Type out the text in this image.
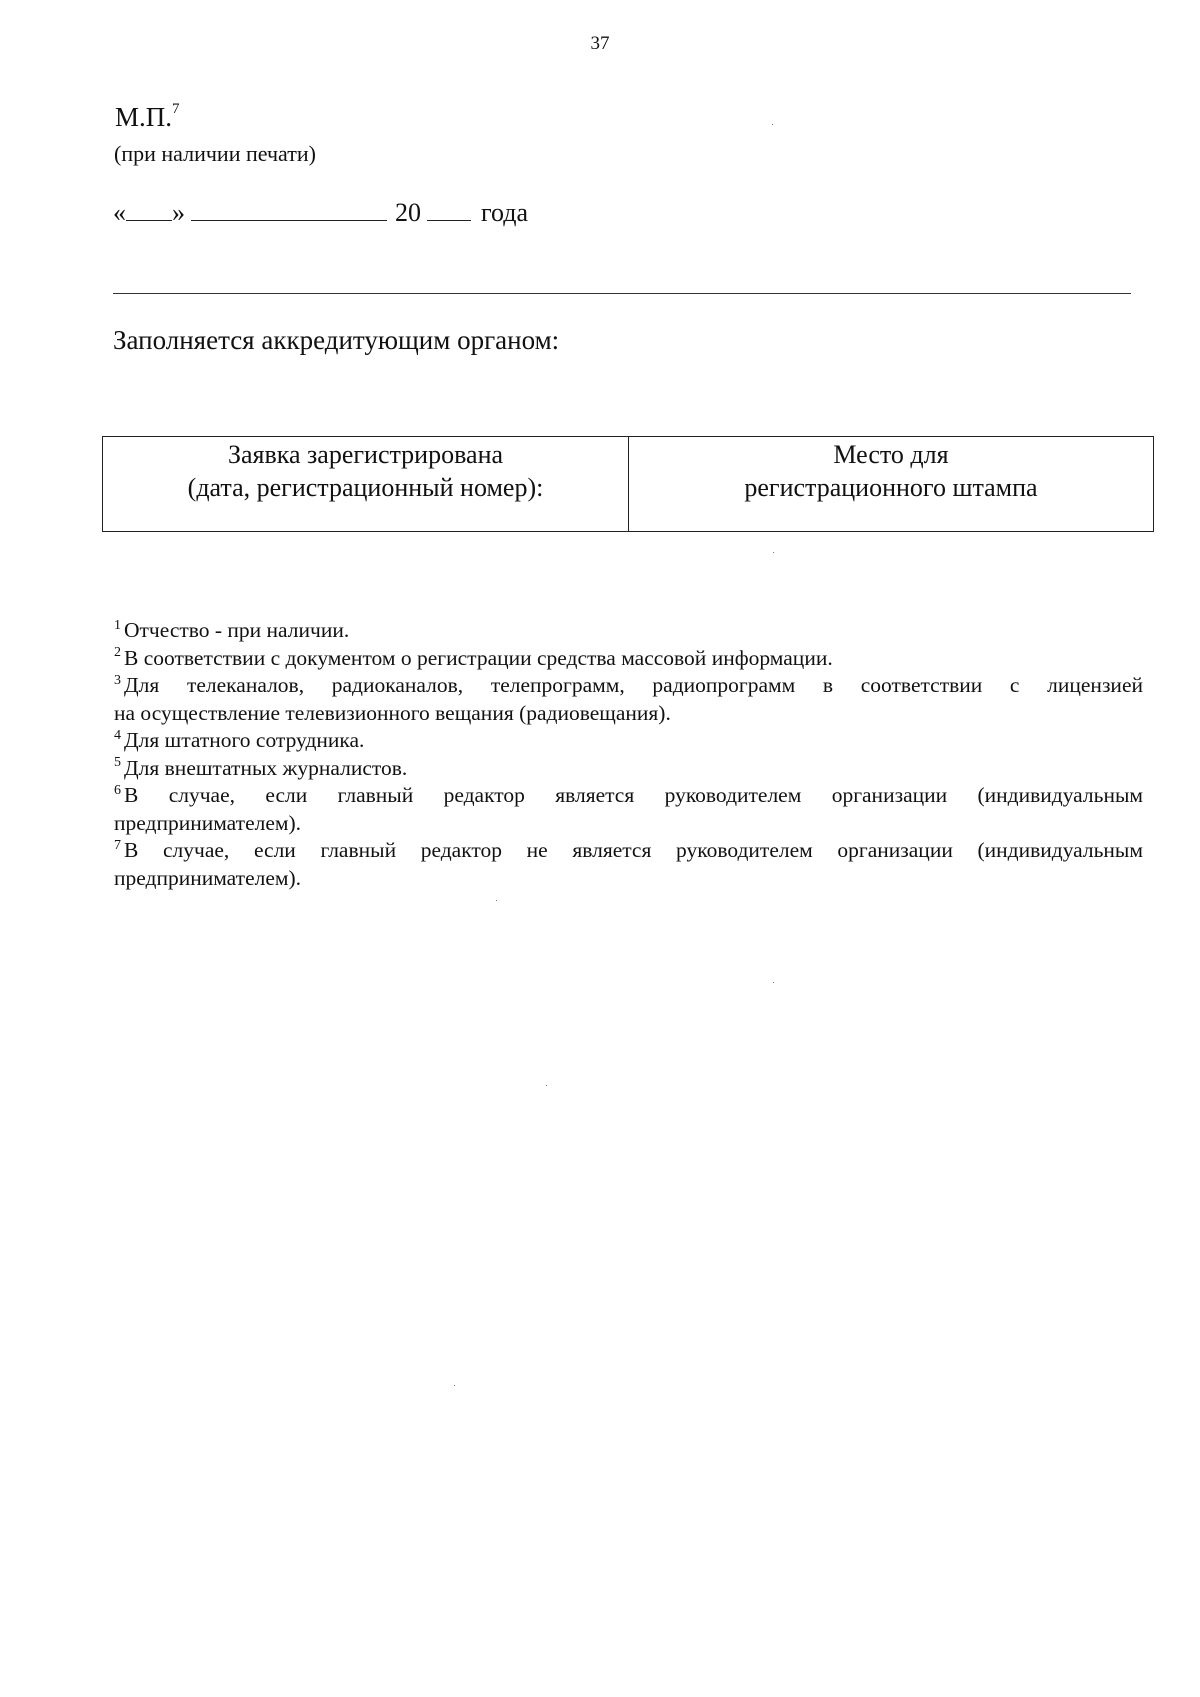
37
М.П.$^7$
(при наличии печати)
« »	20 года
Заполняется аккредитующим органом:
Заявка зарегистрирована
(дата, регистрационный номер):
Место для
регистрационного штампа
$^1$ Отчество - при наличии.
$^2$ В соответствии с документом о регистрации средства массовой информации.
$^3$ Для телеканалов, радиоканалов, телепрограмм, радиопрограмм в соответствии с лицензией
на осуществление телевизионного вещания (радиовещания).
$^4$ Для штатного сотрудника.
$^5$ Для внештатных журналистов.
$^6$ В случае, если главный редактор является руководителем организации (индивидуальным
предпринимателем).
$^7$ В случае, если главный редактор не является руководителем организации (индивидуальным
предпринимателем).
